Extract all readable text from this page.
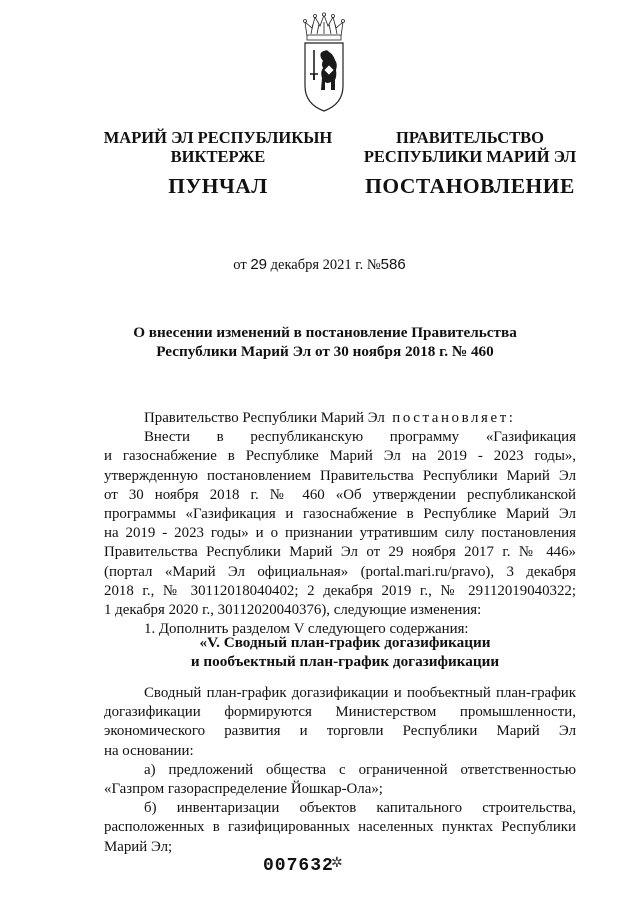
МАРИЙ ЭЛ РЕСПУБЛИКЫН
ВИКТЕРЖЕ
ПРАВИТЕЛЬСТВО
РЕСПУБЛИКИ МАРИЙ ЭЛ
ПУНЧАЛ	ПОСТАНОВЛЕНИЕ
от 29 декабря 2021 г. №586
О внесении изменений в постановление Правительства
Республики Марий Эл от 30 ноября 2018 г. № 460

Правительство Республики Марий Эл постановляет:

Внести в республиканскую программу «Газификация

и газоснабжение в Республике Марий Эл на 2019 - 2023 годы»,

утвержденную постановлением Правительства Республики Марий Эл

от 30 ноября 2018 г. № 460 «Об утверждении республиканской

программы «Газификация и газоснабжение в Республике Марий Эл

на 2019 - 2023 годы» и о признании утратившим силу постановления

Правительства Республики Марий Эл от 29 ноября 2017 г. № 446»

(портал «Марий Эл официальная» (portal.mari.ru/pravo), 3 декабря

2018 г., № 30112018040402; 2 декабря 2019 г., № 29112019040322;

1 декабря 2020 г., 30112020040376), следующие изменения:

1. Дополнить разделом V следующего содержания:

«V. Сводный план-график догазификации
и пообъектный план-график догазификации

Сводный план-график догазификации и пообъектный план-график

догазификации формируются Министерством промышленности,

экономического развития и торговли Республики Марий Эл

на основании:

а) предложений общества с ограниченной ответственностью

«Газпром газораспределение Йошкар-Ола»;

б) инвентаризации объектов капитального строительства,

расположенных в газифицированных населенных пунктах Республики

Марий Эл;

007632
✲
